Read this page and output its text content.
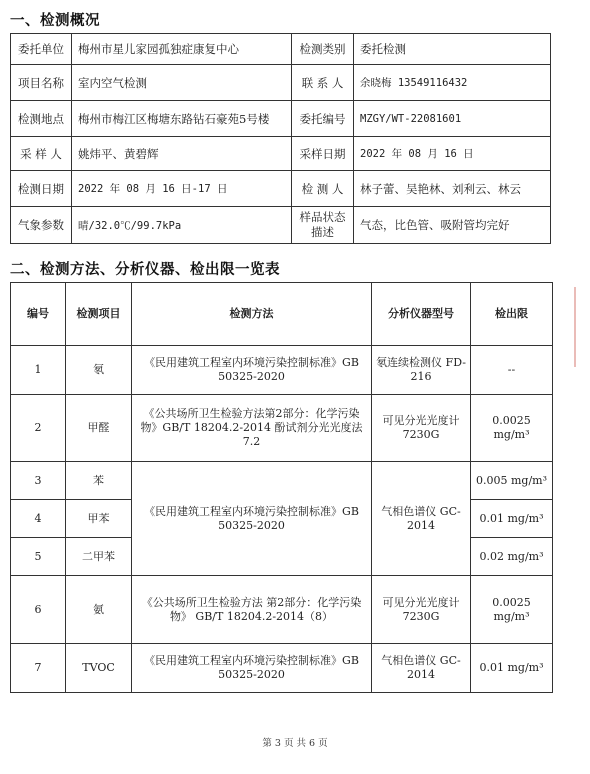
一、检测概况
委托单位	梅州市星儿家园孤独症康复中心	检测类别	委托检测
项目名称	室内空气检测	联 系 人	余晓梅 13549116432
检测地点	梅州市梅江区梅塘东路钻石豪苑5号楼	委托编号	MZGY/WT-22081601
采 样 人	姚炜平、黄碧辉	采样日期	2022 年 08 月 16 日
检测日期	2022 年 08 月 16 日-17 日	检 测 人	林子蕾、吴艳林、刘利云、林云
气象参数	晴/32.0℃/99.7kPa	样品状态描述	气态，比色管、吸附管均完好
二、检测方法、分析仪器、检出限一览表
编号	检测项目	检测方法	分析仪器型号	检出限
1	氡	《民用建筑工程室内环境污染控制标准》GB 50325-2020	氡连续检测仪 FD-216	--
2	甲醛	《公共场所卫生检验方法第2部分：化学污染物》GB/T 18204.2-2014 酚试剂分光光度法 7.2	可见分光光度计 7230G	0.0025 mg/m³
3	苯	《民用建筑工程室内环境污染控制标准》GB 50325-2020	气相色谱仪 GC-2014	0.005 mg/m³
4	甲苯			0.01 mg/m³
5	二甲苯			0.02 mg/m³
6	氨	《公共场所卫生检验方法 第2部分：化学污染物》 GB/T 18204.2-2014（8）	可见分光光度计 7230G	0.0025 mg/m³
7	TVOC	《民用建筑工程室内环境污染控制标准》GB 50325-2020	气相色谱仪 GC-2014	0.01 mg/m³
第 3 页 共 6 页
